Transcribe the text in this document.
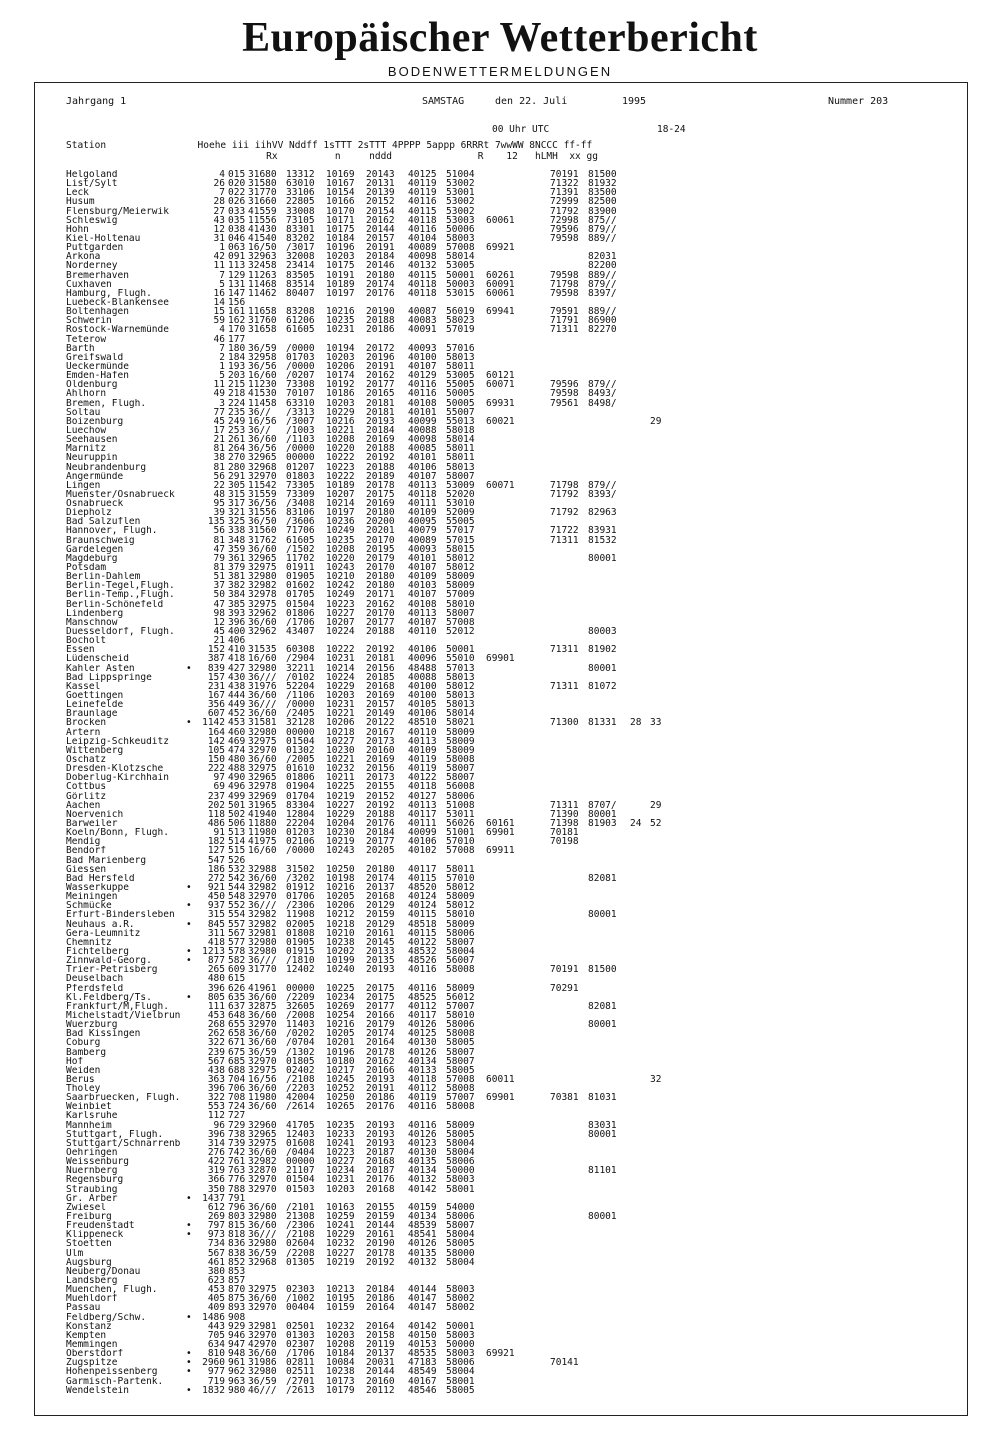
Europäischer Wetterbericht
BODENWETTERMELDUNGEN
Jahrgang 1	SAMSTAG	den 22. Juli	1995	Nummer 203
00 Uhr UTC	18-24
Station                Hoehe iii iihVV Nddff 1sTTT 2sTTT 4PPPP 5appp 6RRRt 7wwWW 8NCCC ff-ff
Rx          n     nddd               R    12   hLMH  xx gg
Helgoland	4 015 31680 13312 10169 20143 40125 51004	70191 81500
List/Sylt	26 020 31580 63010 10167 20131 40119 53002	71322 81932
Leck	7 022 31770 33106 10154 20139 40119 53001	71391 83500
Husum	28 026 31660 22805 10166 20152 40116 53002	72999 82500
Flensburg/Meierwik	27 033 41559 33008 10170 20154 40115 53002	71792 83900
Schleswig	43 035 11556 73105 10171 20162 40118 53003 60061	72998 875//
Hohn	12 038 41430 83301 10175 20144 40116 50006	79596 879//
Kiel-Holtenau	31 046 41540 83202 10184 20157 40104 58003	79598 889//
Puttgarden	1 063 16/50 /3017 10196 20191 40089 57008 69921
Arkona	42 091 32963 32008 10203 20184 40098 58014	82031
Norderney	11 113 32458 23414 10175 20146 40132 53005	82200
Bremerhaven	7 129 11263 83505 10191 20180 40115 50001 60261	79598 889//
Cuxhaven	5 131 11468 83514 10189 20174 40118 50003 60091	71798 879//
Hamburg, Flugh.	16 147 11462 80407 10197 20176 40118 53015 60061	79598 8397/
Luebeck-Blankensee	14 156
Boltenhagen	15 161 11658 83208 10216 20190 40087 56019 69941	79591 889//
Schwerin	59 162 31760 61206 10235 20188 40083 58023	71791 86900
Rostock-Warnemünde	4 170 31658 61605 10231 20186 40091 57019	71311 82270
Teterow	46 177
Barth	7 180 36/59 /0000 10194 20172 40093 57016
Greifswald	2 184 32958 01703 10203 20196 40100 58013
Ueckermünde	1 193 36/56 /0000 10206 20191 40107 58011
Emden-Hafen	5 203 16/60 /0207 10174 20162 40129 53005 60121
Oldenburg	11 215 11230 73308 10192 20177 40116 55005 60071	79596 879//
Ahlhorn	49 218 41530 70107 10186 20165 40116 50005	79598 8493/
Bremen, Flugh.	3 224 11458 63310 10203 20181 40108 50005 69931	79561 8498/
Soltau	77 235 36// /3313 10229 20181 40101 55007
Boizenburg	45 249 16/56 /3007 10216 20193 40099 55013 60021	29
Luechow	17 253 36// /1003 10221 20184 40088 58018
Seehausen	21 261 36/60 /1103 10208 20169 40098 58014
Marnitz	81 264 36/56 /0000 10220 20188 40085 58011
Neuruppin	38 270 32965 00000 10222 20192 40101 58011
Neubrandenburg	81 280 32968 01207 10223 20188 40106 58013
Angermünde	56 291 32970 01803 10222 20189 40107 58007
Lingen	22 305 11542 73305 10189 20178 40113 53009 60071	71798 879//
Muenster/Osnabrueck	48 315 31559 73309 10207 20175 40118 52020	71792 8393/
Osnabrueck	95 317 36/56 /3408 10214 20169 40111 53010
Diepholz	39 321 31556 83106 10197 20180 40109 52009	71792 82963
Bad Salzuflen	135 325 36/50 /3606 10236 20200 40095 55005
Hannover, Flugh.	56 338 31560 71706 10249 20201 40079 57017	71722 83931
Braunschweig	81 348 31762 61605 10235 20170 40089 57015	71311 81532
Gardelegen	47 359 36/60 /1502 10208 20195 40093 58015
Magdeburg	79 361 32965 11702 10220 20179 40101 58012	80001
Potsdam	81 379 32975 01911 10243 20170 40107 58012
Berlin-Dahlem	51 381 32980 01905 10210 20180 40109 58009
Berlin-Tegel,Flugh.	37 382 32982 01602 10242 20180 40103 58009
Berlin-Temp.,Flugh.	50 384 32978 01705 10249 20171 40107 57009
Berlin-Schönefeld	47 385 32975 01504 10223 20162 40108 58010
Lindenberg	98 393 32962 01806 10227 20170 40113 58007
Manschnow	12 396 36/60 /1706 10207 20177 40107 57008
Duesseldorf, Flugh.	45 400 32962 43407 10224 20188 40110 52012	80003
Bocholt	21 406
Essen	152 410 31535 60308 10222 20192 40106 50001	71311 81902
Lüdenscheid	387 418 16/60 /2904 10231 20181 40096 55010 69901
Kahler Asten	•	839 427 32980 32211 10214 20156 48488 57013	80001
Bad Lippspringe	157 430 36/// /0102 10224 20185 40088 58013
Kassel	231 438 31976 52204 10229 20168 40100 58012	71311 81072
Goettingen	167 444 36/60 /1106 10203 20169 40100 58013
Leinefelde	356 449 36/// /0000 10231 20157 40105 58013
Braunlage	607 452 36/60 /2405 10221 20149 40106 58014
Brocken	•	1142 453 31581 32128 10206 20122 48510 58021	71300 81331 28 33
Artern	164 460 32980 00000 10218 20167 40110 58009
Leipzig-Schkeuditz	142 469 32975 01504 10227 20173 40113 58009
Wittenberg	105 474 32970 01302 10230 20160 40109 58009
Oschatz	150 480 36/60 /2005 10221 20169 40119 58008
Dresden-Klotzsche	222 488 32975 01610 10232 20156 40119 58007
Doberlug-Kirchhain	97 490 32965 01806 10211 20173 40122 58007
Cottbus	69 496 32978 01904 10225 20155 40118 56008
Görlitz	237 499 32969 01704 10219 20152 40127 58006
Aachen	202 501 31965 83304 10227 20192 40113 51008	71311 8707/	29
Noervenich	118 502 41940 12804 10229 20188 40117 53011	71390 80001
Barweiler	486 506 11880 22204 10204 20176 40111 56026 60161	71398 81903 24 52
Koeln/Bonn, Flugh.	91 513 11980 01203 10230 20184 40099 51001 69901	70181
Mendig	182 514 41975 02106 10219 20177 40106 57010	70198
Bendorf	127 515 16/60 /0000 10243 20205 40102 57008 69911
Bad Marienberg	547 526
Giessen	186 532 32988 31502 10250 20180 40117 58011
Bad Hersfeld	272 542 36/60 /3202 10198 20174 40115 57010	82081
Wasserkuppe	•	921 544 32982 01912 10216 20137 48520 58012
Meiningen	450 548 32970 01706 10205 20168 40124 58009
Schmücke	•	937 552 36/// /2306 10206 20129 40124 58012
Erfurt-Bindersleben	315 554 32982 11908 10212 20159 40115 58010	80001
Neuhaus a.R.	•	845 557 32982 02005 10218 20129 48518 58009
Gera-Leumnitz	311 567 32981 01808 10210 20161 40115 58006
Chemnitz	418 577 32980 01905 10238 20145 40122 58007
Fichtelberg	•	1213 578 32980 01915 10202 20133 48532 58004
Zinnwald-Georg.	•	877 582 36/// /1810 10199 20135 48526 56007
Trier-Petrisberg	265 609 31770 12402 10240 20193 40116 58008	70191 81500
Deuselbach	480 615
Pferdsfeld	396 626 41961 00000 10225 20175 40116 58009	70291
Kl.Feldberg/Ts.	•	805 635 36/60 /2209 10234 20175 48525 56012
Frankfurt/M,Flugh.	111 637 32875 32605 10269 20177 40112 57007	82081
Michelstadt/Vielbrun	453 648 36/60 /2008 10254 20166 40117 58010
Wuerzburg	268 655 32970 11403 10216 20179 40126 58006	80001
Bad Kissingen	262 658 36/60 /0202 10205 20174 40125 58008
Coburg	322 671 36/60 /0704 10201 20164 40130 58005
Bamberg	239 675 36/59 /1302 10196 20178 40126 58007
Hof	567 685 32970 01805 10180 20162 40134 58007
Weiden	438 688 32975 02402 10217 20166 40133 58005
Berus	363 704 16/56 /2108 10245 20193 40118 57008 60011	32
Tholey	396 706 36/60 /2203 10252 20191 40112 58008
Saarbruecken, Flugh.	322 708 11980 42004 10250 20186 40119 57007 69901	70381 81031
Weinbiet	553 724 36/60 /2614 10265 20176 40116 58008
Karlsruhe	112 727
Mannheim	96 729 32960 41705 10235 20193 40116 58009	83031
Stuttgart, Flugh.	396 738 32965 12403 10233 20193 40126 58005	80001
Stuttgart/Schnarrenb	314 739 32975 01608 10241 20193 40123 58004
Oehringen	276 742 36/60 /0404 10223 20187 40130 58004
Weissenburg	422 761 32982 00000 10227 20168 40135 58006
Nuernberg	319 763 32870 21107 10234 20187 40134 50000	81101
Regensburg	366 776 32970 01504 10231 20176 40132 58003
Straubing	350 788 32970 01503 10203 20168 40142 58001
Gr. Arber	•	1437 791
Zwiesel	612 796 36/60 /2101 10163 20155 40159 54000
Freiburg	269 803 32980 21308 10259 20159 40134 58006	80001
Freudenstadt	•	797 815 36/60 /2306 10241 20144 48539 58007
Klippeneck	•	973 818 36/// /2108 10229 20161 48541 58004
Stoetten	734 836 32980 02604 10232 20190 40126 58005
Ulm	567 838 36/59 /2208 10227 20178 40135 58000
Augsburg	461 852 32968 01305 10219 20192 40132 58004
Neuberg/Donau	380 853
Landsberg	623 857
Muenchen, Flugh.	453 870 32975 02303 10213 20184 40144 58003
Muehldorf	405 875 36/60 /1002 10195 20186 40147 58002
Passau	409 893 32970 00404 10159 20164 40147 58002
Feldberg/Schw.	•	1486 908
Konstanz	443 929 32981 02501 10232 20164 40142 50001
Kempten	705 946 32970 01303 10203 20158 40150 58003
Memmingen	634 947 42970 02307 10208 20119 40153 50000
Oberstdorf	•	810 948 36/60 /1706 10184 20137 48535 58003 69921
Zugspitze	•	2960 961 31986 02811 10084 20031 47183 58006	70141
Hohenpeissenberg	•	977 962 32980 02511 10238 20144 48549 58004
Garmisch-Partenk.	719 963 36/59 /2701 10173 20160 40167 58001
Wendelstein	•	1832 980 46/// /2613 10179 20112 48546 58005
